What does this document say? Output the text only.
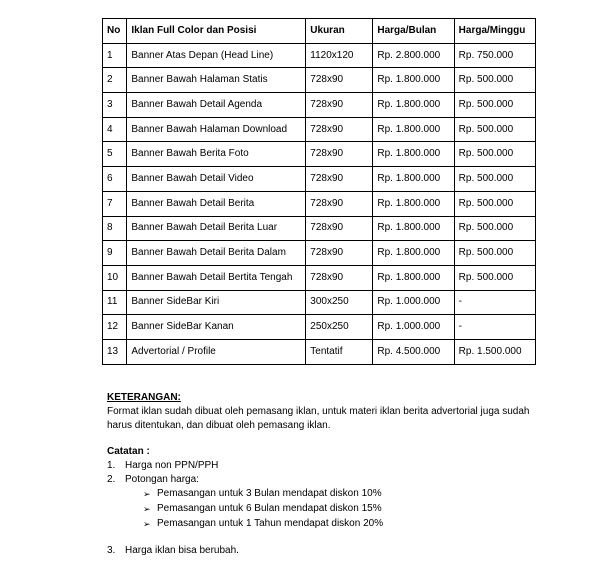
No	Iklan Full Color dan Posisi	Ukuran	Harga/Bulan	Harga/Minggu
1	Banner Atas Depan (Head Line)	1120x120	Rp. 2.800.000	Rp. 750.000
2	Banner Bawah Halaman Statis	728x90	Rp. 1.800.000	Rp. 500.000
3	Banner Bawah Detail Agenda	728x90	Rp. 1.800.000	Rp. 500.000
4	Banner Bawah Halaman Download	728x90	Rp. 1.800.000	Rp. 500.000
5	Banner Bawah Berita Foto	728x90	Rp. 1.800.000	Rp. 500.000
6	Banner Bawah Detail Video	728x90	Rp. 1.800.000	Rp. 500.000
7	Banner Bawah Detail Berita	728x90	Rp. 1.800.000	Rp. 500.000
8	Banner Bawah Detail Berita Luar	728x90	Rp. 1.800.000	Rp. 500.000
9	Banner Bawah Detail Berita Dalam	728x90	Rp. 1.800.000	Rp. 500.000
10	Banner Bawah Detail Bertita Tengah	728x90	Rp. 1.800.000	Rp. 500.000
11	Banner SideBar Kiri	300x250	Rp. 1.000.000	-
12	Banner SideBar Kanan	250x250	Rp. 1.000.000	-
13	Advertorial / Profile	Tentatif	Rp. 4.500.000	Rp. 1.500.000

KETERANGAN:

Format iklan sudah dibuat oleh pemasang iklan, untuk materi iklan berita advertorial juga sudah harus ditentukan, dan dibuat oleh pemasang iklan.

Catatan :

1. Harga non PPN/PPH
2. Potongan harga:
➢ Pemasangan untuk 3 Bulan mendapat diskon 10%
➢ Pemasangan untuk 6 Bulan mendapat diskon 15%
➢ Pemasangan untuk 1 Tahun mendapat diskon 20%
3. Harga iklan bisa berubah.
